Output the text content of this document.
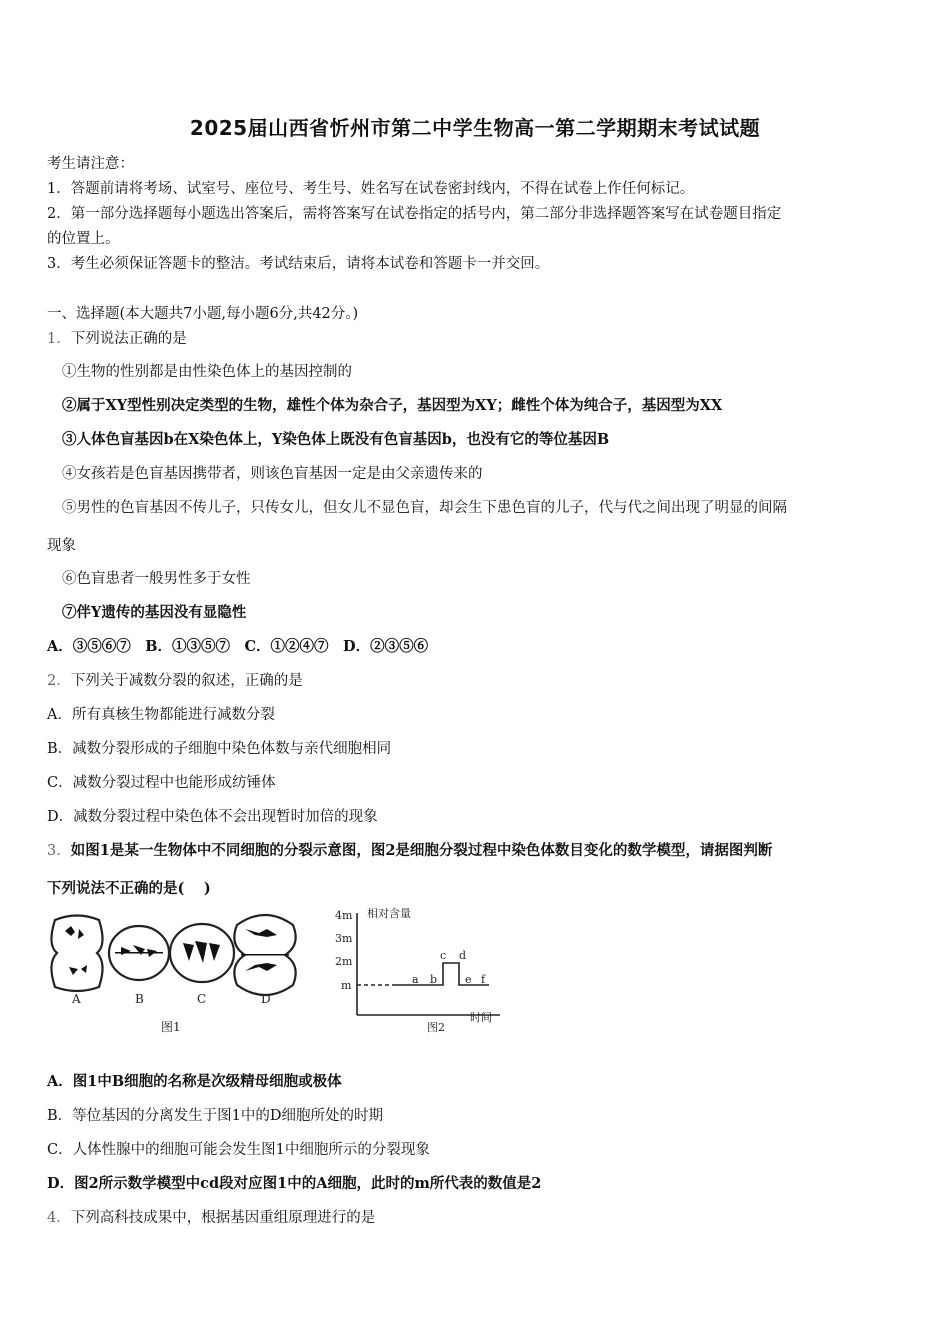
2025届山西省忻州市第二中学生物高一第二学期期末考试试题
考生请注意：
1．答题前请将考场、试室号、座位号、考生号、姓名写在试卷密封线内，不得在试卷上作任何标记。
2．第一部分选择题每小题选出答案后，需将答案写在试卷指定的括号内，第二部分非选择题答案写在试卷题目指定
的位置上。
3．考生必须保证答题卡的整洁。考试结束后，请将本试卷和答题卡一并交回。
一、选择题(本大题共7小题,每小题6分,共42分。)
1．下列说法正确的是
①生物的性别都是由性染色体上的基因控制的
②属于XY型性别决定类型的生物，雄性个体为杂合子，基因型为XY；雌性个体为纯合子，基因型为XX
③人体色盲基因b在X染色体上，Y染色体上既没有色盲基因b，也没有它的等位基因B
④女孩若是色盲基因携带者，则该色盲基因一定是由父亲遗传来的
⑤男性的色盲基因不传儿子，只传女儿，但女儿不显色盲，却会生下患色盲的儿子，代与代之间出现了明显的间隔
现象
⑥色盲患者一般男性多于女性
⑦伴Y遗传的基因没有显隐性
A．③⑤⑥⑦　B．①③⑤⑦　C．①②④⑦　D．②③⑤⑥
2．下列关于减数分裂的叙述，正确的是
A．所有真核生物都能进行减数分裂
B．减数分裂形成的子细胞中染色体数与亲代细胞相同
C．减数分裂过程中也能形成纺锤体
D．减数分裂过程中染色体不会出现暂时加倍的现象
3．如图1是某一生物体中不同细胞的分裂示意图，图2是细胞分裂过程中染色体数目变化的数学模型，请据图判断
下列说法不正确的是(　 )
A	B	C	D
图1
4m
3m
2m
m
相对含量
a b
c d
e f
时间
图2
A．图1中B细胞的名称是次级精母细胞或极体
B．等位基因的分离发生于图1中的D细胞所处的时期
C．人体性腺中的细胞可能会发生图1中细胞所示的分裂现象
D．图2所示数学模型中cd段对应图1中的A细胞，此时的m所代表的数值是2
4．下列高科技成果中，根据基因重组原理进行的是
